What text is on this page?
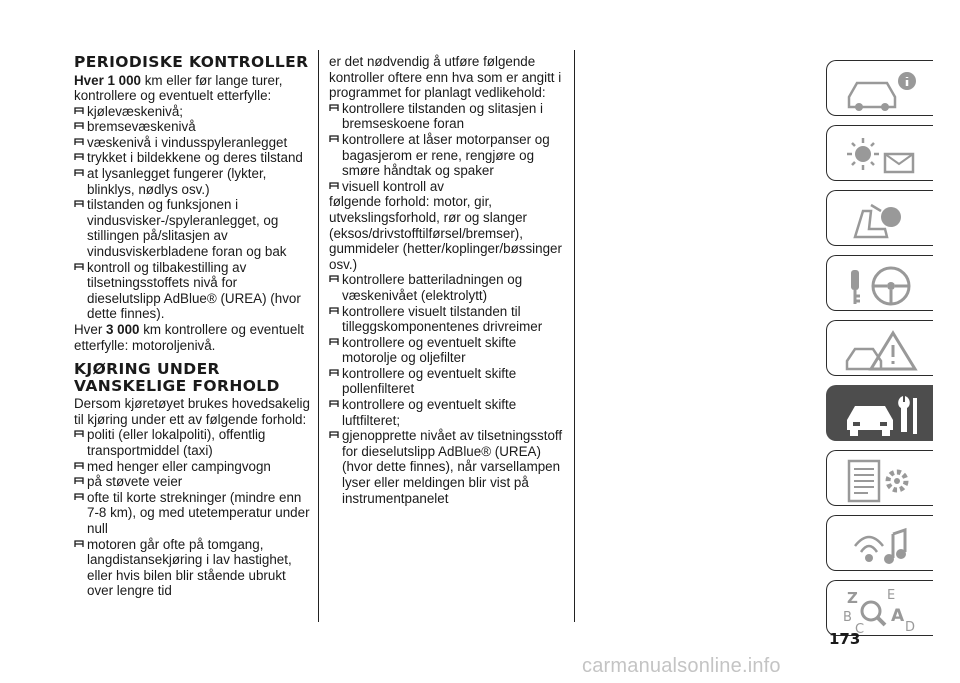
PERIODISKE KONTROLLER

Hver 1 000 km eller før lange turer, kontrollere og eventuelt etterfylle:

kjølevæskenivå;
bremsevæskenivå
væskenivå i vindusspyleranlegget
trykket i bildekkene og deres tilstand
at lysanlegget fungerer (lykter, blinklys, nødlys osv.)
tilstanden og funksjonen i vindusvisker-/spyleranlegget, og stillingen på/slitasjen av vindusviskerbladene foran og bak
kontroll og tilbakestilling av tilsetningsstoffets nivå for dieselutslipp AdBlue® (UREA) (hvor dette finnes).

Hver 3 000 km kontrollere og eventuelt etterfylle: motoroljenivå.

KJØRING UNDER VANSKELIGE FORHOLD

Dersom kjøretøyet brukes hovedsakelig til kjøring under ett av følgende forhold:

politi (eller lokalpoliti), offentlig transportmiddel (taxi)
med henger eller campingvogn
på støvete veier
ofte til korte strekninger (mindre enn 7-8 km), og med utetemperatur under null
motoren går ofte på tomgang, langdistansekjøring i lav hastighet, eller hvis bilen blir stående ubrukt over lengre tid

er det nødvendig å utføre følgende kontroller oftere enn hva som er angitt i programmet for planlagt vedlikehold:

kontrollere tilstanden og slitasjen i bremseskoene foran
kontrollere at låser motorpanser og bagasjerom er rene, rengjøre og smøre håndtak og spaker
visuell kontroll av

følgende forhold: motor, gir, utvekslingsforhold, rør og slanger (eksos/drivstofftilførsel/bremser), gummideler (hetter/koplinger/bøssinger osv.)

kontrollere batteriladningen og væskenivået (elektrolytt)
kontrollere visuelt tilstanden til tilleggskomponentenes drivreimer
kontrollere og eventuelt skifte motorolje og oljefilter
kontrollere og eventuelt skifte pollenfilteret
kontrollere og eventuelt skifte luftfilteret;
gjenopprette nivået av tilsetningsstoff for dieselutslipp AdBlue® (UREA) (hvor dette finnes), når varsellampen lyser eller meldingen blir vist på instrumentpanelet
Z E
B A
C	D
173
carmanualsonline.info
